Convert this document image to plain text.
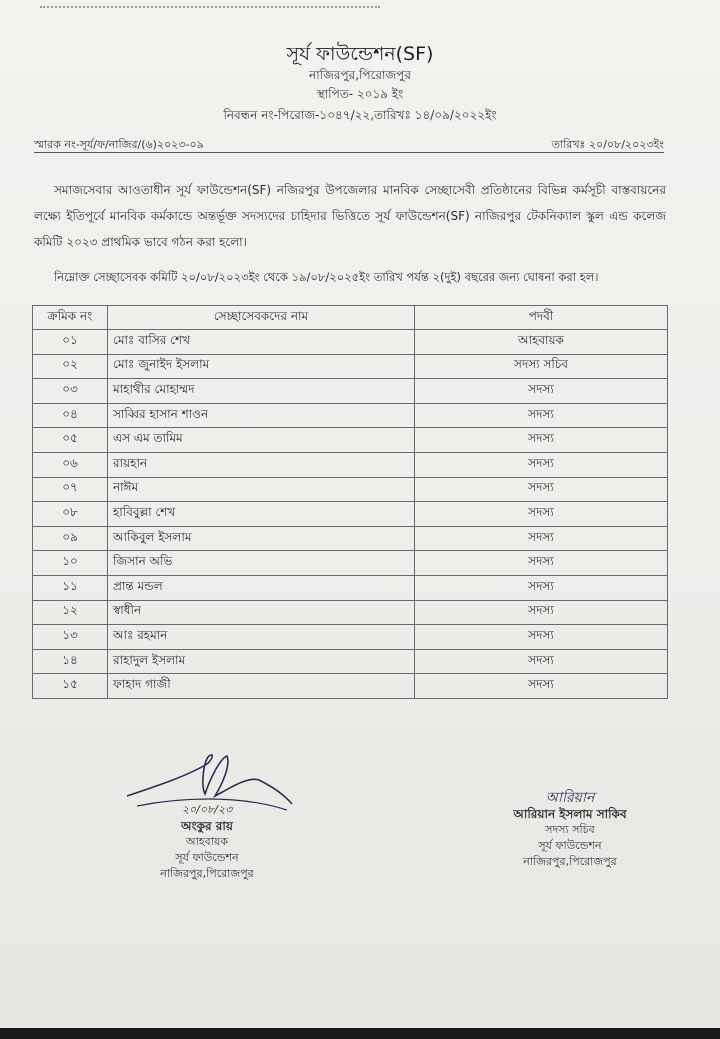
সূর্য ফাউন্ডেশন(SF)
নাজিরপুর,পিরোজপুর
স্থাপিত- ২০১৯ ইং
নিবন্ধন নং-পিরোজ-১০৪৭/২২,তারিখঃ ১৪/০৯/২০২২ইং
স্মারক নং-সূর্য/ফ/নাজির/(৬)২০২৩-০৯	তারিখঃ ২০/০৮/২০২৩ইং

সমাজসেবার আওতাধীন সূর্য ফাউন্ডেশন(SF) নজিরপুর উপজেলার মানবিক সেচ্ছাসেবী প্রতিষ্ঠানের বিভিন্ন কর্মসূচী বাস্তবায়নের লক্ষ্যে ইতিপূর্বে মানবিক কর্মকান্ডে অন্তর্ভূক্ত সদস্যদের চাহিদার ভিত্তিতে সূর্য ফাউন্ডেশন(SF) নাজিরপুর টেকনিক্যাল স্কুল এন্ড কলেজ কমিটি ২০২৩ প্রাথমিক ভাবে গঠন করা হলো।

নিম্নোক্ত সেচ্ছাসেবক কমিটি ২০/০৮/২০২৩ইং থেকে ১৯/০৮/২০২৫ইং তারিখ পর্যন্ত ২(দুই) বছরের জন্য ঘোষনা করা হল।

ক্রমিক নং	সেচ্ছাসেবকদের নাম	পদবী
০১	মোঃ বাসির শেখ	আহবায়ক
০২	মোঃ জুনাইদ ইসলাম	সদস্য সচিব
০৩	মাহাথীর মোহাম্মদ	সদস্য
০৪	সাব্বির হাসান শাওন	সদস্য
০৫	এস এম তামিম	সদস্য
০৬	রায়হান	সদস্য
০৭	নাঈম	সদস্য
০৮	হাবিবুল্লা শেখ	সদস্য
০৯	আকিবুল ইসলাম	সদস্য
১০	জিসান অভি	সদস্য
১১	প্রান্ত মন্ডল	সদস্য
১২	স্বাধীন	সদস্য
১৩	আঃ রহমান	সদস্য
১৪	রাহাদুল ইসলাম	সদস্য
১৫	ফাহাদ গাজী	সদস্য
২০/০৮/২৩
অংকুর রায়
আহবায়ক
সূর্য ফাউন্ডেশন
নাজিরপুর,পিরোজপুর
আরিয়ান
আরিয়ান ইসলাম সাকিব
সদস্য সচিব
সূর্য ফাউন্ডেশন
নাজিরপুর,পিরোজপুর
